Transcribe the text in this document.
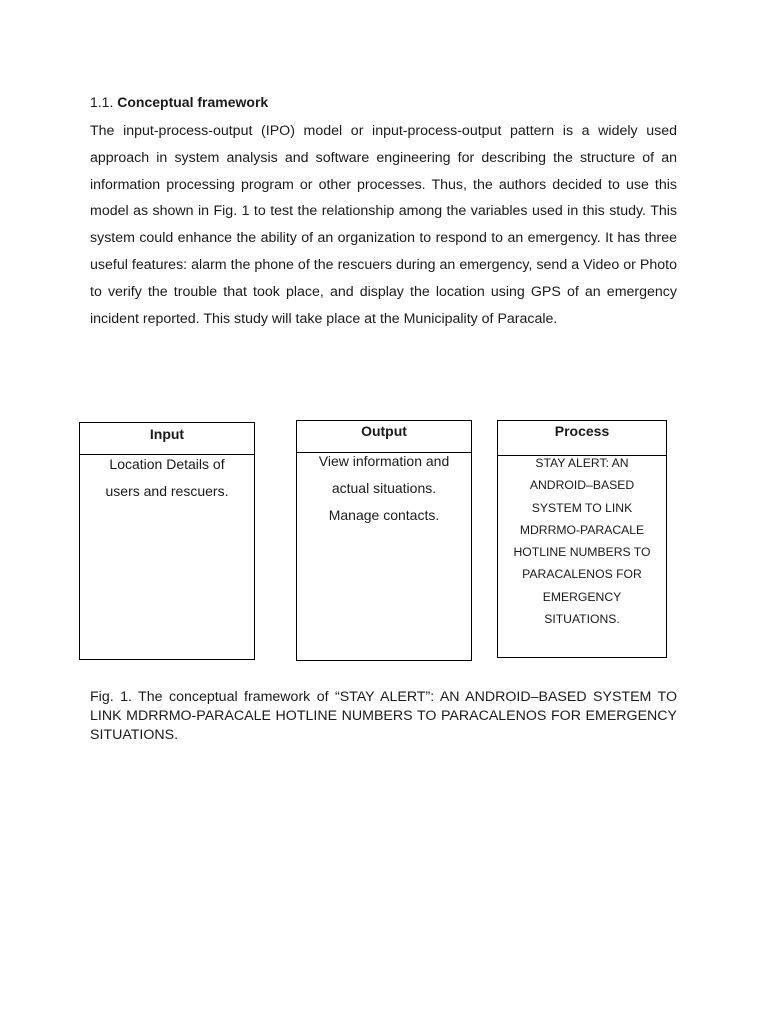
1.1. Conceptual framework

The input-process-output (IPO) model or input-process-output pattern is a widely used approach in system analysis and software engineering for describing the structure of an information processing program or other processes. Thus, the authors decided to use this model as shown in Fig. 1 to test the relationship among the variables used in this study. This system could enhance the ability of an organization to respond to an emergency. It has three useful features: alarm the phone of the rescuers during an emergency, send a Video or Photo to verify the trouble that took place, and display the location using GPS of an emergency incident reported. This study will take place at the Municipality of Paracale.

Input
Location Details of
users and rescuers.
Output
View information and
actual situations.
Manage contacts.
Process
STAY ALERT: AN
ANDROID–BASED
SYSTEM TO LINK
MDRRMO-PARACALE
HOTLINE NUMBERS TO
PARACALENOS FOR
EMERGENCY
SITUATIONS.

Fig. 1. The conceptual framework of “STAY ALERT”: AN ANDROID–BASED SYSTEM TO LINK MDRRMO-PARACALE HOTLINE NUMBERS TO PARACALENOS FOR EMERGENCY SITUATIONS.
